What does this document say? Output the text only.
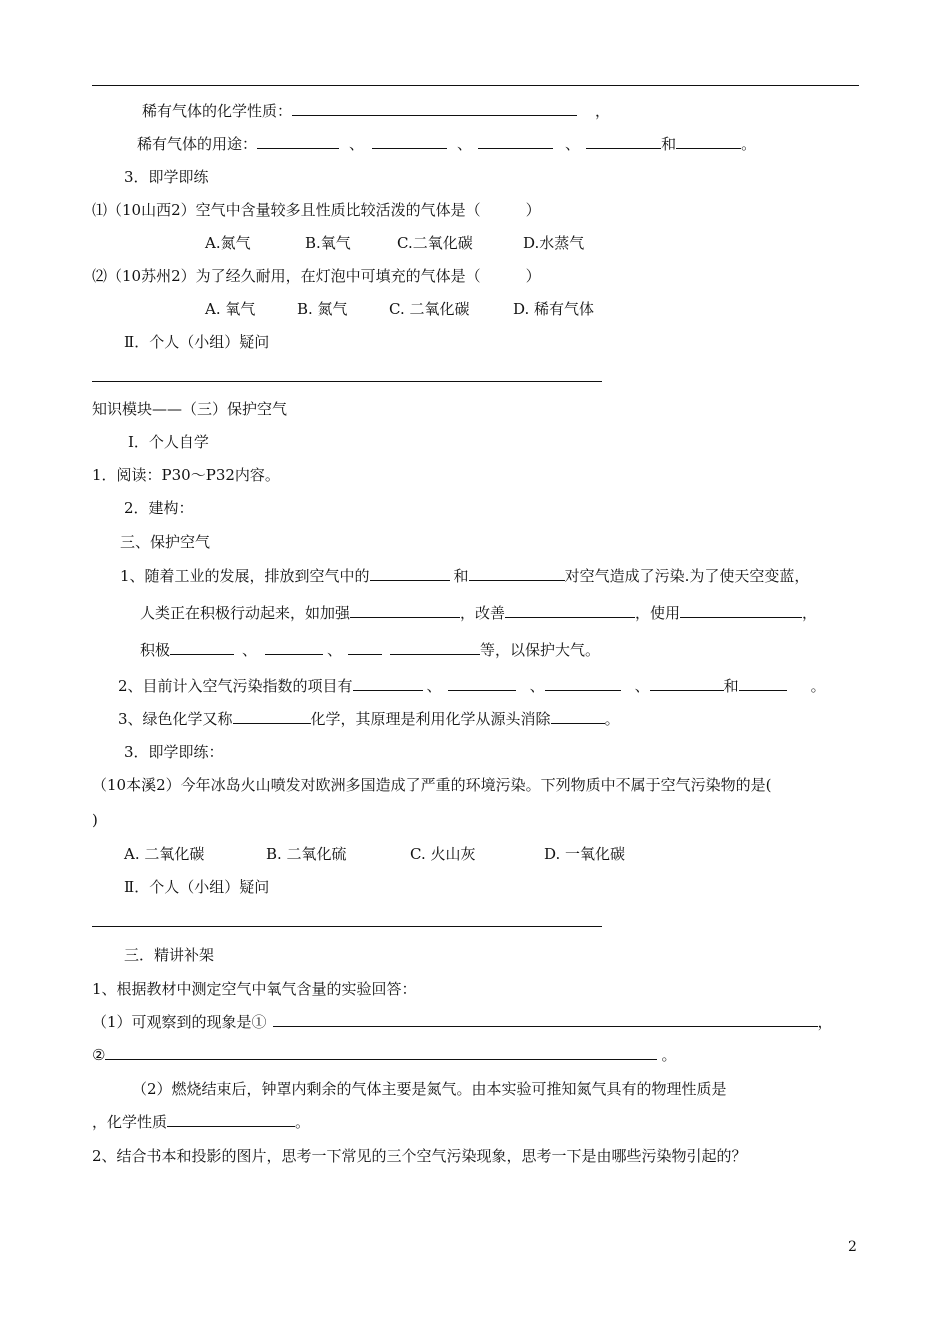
稀有气体的化学性质：	，
稀有气体的用途：	、	、	、	和	。
3．即学即练
⑴（10山西2）空气中含量较多且性质比较活泼的气体是（　　　）
A.氮气	B.氧气	C.二氧化碳	D.水蒸气
⑵（10苏州2）为了经久耐用，在灯泡中可填充的气体是（　　　）
A. 氧气	B. 氮气	C. 二氧化碳	D. 稀有气体
Ⅱ．个人（小组）疑问
知识模块——（三）保护空气
Ⅰ．个人自学
1．阅读：P30～P32内容。
2．建构：
三、保护空气
1、随着工业的发展，排放到空气中的	和	对空气造成了污染.为了使天空变蓝，
人类正在积极行动起来，如加强	，改善	，使用	，
积极	、	、	等，以保护大气。
2、目前计入空气污染指数的项目有	、	、	、	和	。
3、绿色化学又称	化学，其原理是利用化学从源头消除	。
3．即学即练：
（10本溪2）今年冰岛火山喷发对欧洲多国造成了严重的环境污染。下列物质中不属于空气污染物的是(
)
A. 二氧化碳	B. 二氧化硫	C. 火山灰	D. 一氧化碳
Ⅱ．个人（小组）疑问
三．精讲补架
1、根据教材中测定空气中氧气含量的实验回答：
（1）可观察到的现象是①	，
②	。
（2）燃烧结束后，钟罩内剩余的气体主要是氮气。由本实验可推知氮气具有的物理性质是
，化学性质	。
2、结合书本和投影的图片，思考一下常见的三个空气污染现象，思考一下是由哪些污染物引起的？
2
